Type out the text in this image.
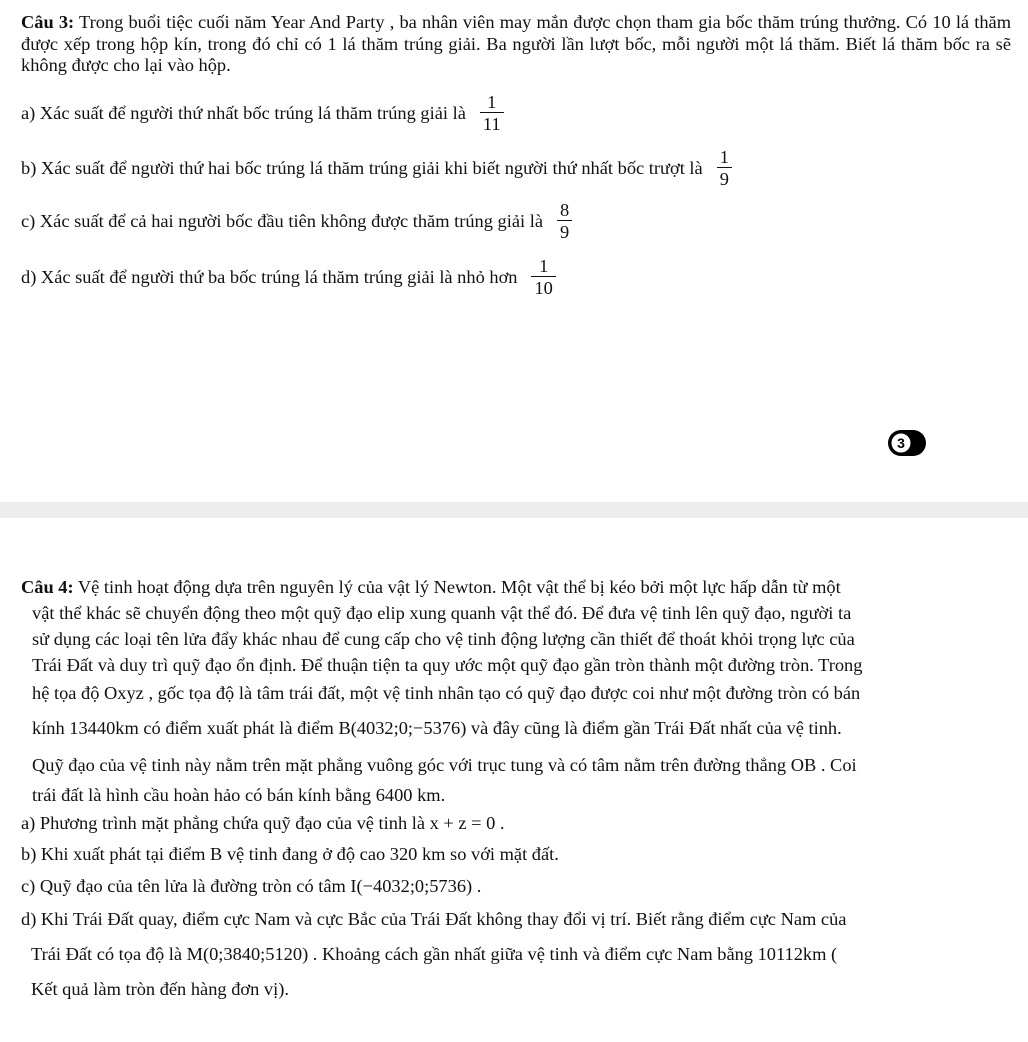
Câu 3: Trong buổi tiệc cuối năm Year And Party , ba nhân viên may mắn được chọn tham gia bốc thăm trúng thưởng. Có 10 lá thăm được xếp trong hộp kín, trong đó chỉ có 1 lá thăm trúng giải. Ba người lần lượt bốc, mỗi người một lá thăm. Biết lá thăm bốc ra sẽ không được cho lại vào hộp.
a) Xác suất để người thứ nhất bốc trúng lá thăm trúng giải là $\frac{1}{11}$
b) Xác suất để người thứ hai bốc trúng lá thăm trúng giải khi biết người thứ nhất bốc trượt là $\frac{1}{9}$
c) Xác suất để cả hai người bốc đầu tiên không được thăm trúng giải là $\frac{8}{9}$
d) Xác suất để người thứ ba bốc trúng lá thăm trúng giải là nhỏ hơn $\frac{1}{10}$
3
Câu 4: Vệ tinh hoạt động dựa trên nguyên lý của vật lý Newton. Một vật thể bị kéo bởi một lực hấp dẫn từ một
vật thể khác sẽ chuyển động theo một quỹ đạo elip xung quanh vật thể đó. Để đưa vệ tinh lên quỹ đạo, người ta
sử dụng các loại tên lửa đẩy khác nhau để cung cấp cho vệ tinh động lượng cần thiết để thoát khỏi trọng lực của
Trái Đất và duy trì quỹ đạo ổn định. Để thuận tiện ta quy ước một quỹ đạo gần tròn thành một đường tròn. Trong
hệ tọa độ Oxyz , gốc tọa độ là tâm trái đất, một vệ tinh nhân tạo có quỹ đạo được coi như một đường tròn có bán
kính 13440km có điểm xuất phát là điểm B(4032;0;−5376) và đây cũng là điểm gần Trái Đất nhất của vệ tinh.
Quỹ đạo của vệ tinh này nằm trên mặt phẳng vuông góc với trục tung và có tâm nằm trên đường thẳng OB . Coi
trái đất là hình cầu hoàn hảo có bán kính bằng 6400 km.
a) Phương trình mặt phẳng chứa quỹ đạo của vệ tinh là x + z = 0 .
b) Khi xuất phát tại điểm B vệ tinh đang ở độ cao 320 km so với mặt đất.
c) Quỹ đạo của tên lửa là đường tròn có tâm I(−4032;0;5736) .
d) Khi Trái Đất quay, điểm cực Nam và cực Bắc của Trái Đất không thay đổi vị trí. Biết rằng điểm cực Nam của
Trái Đất có tọa độ là M(0;3840;5120) . Khoảng cách gần nhất giữa vệ tinh và điểm cực Nam bằng 10112km (
Kết quả làm tròn đến hàng đơn vị).
